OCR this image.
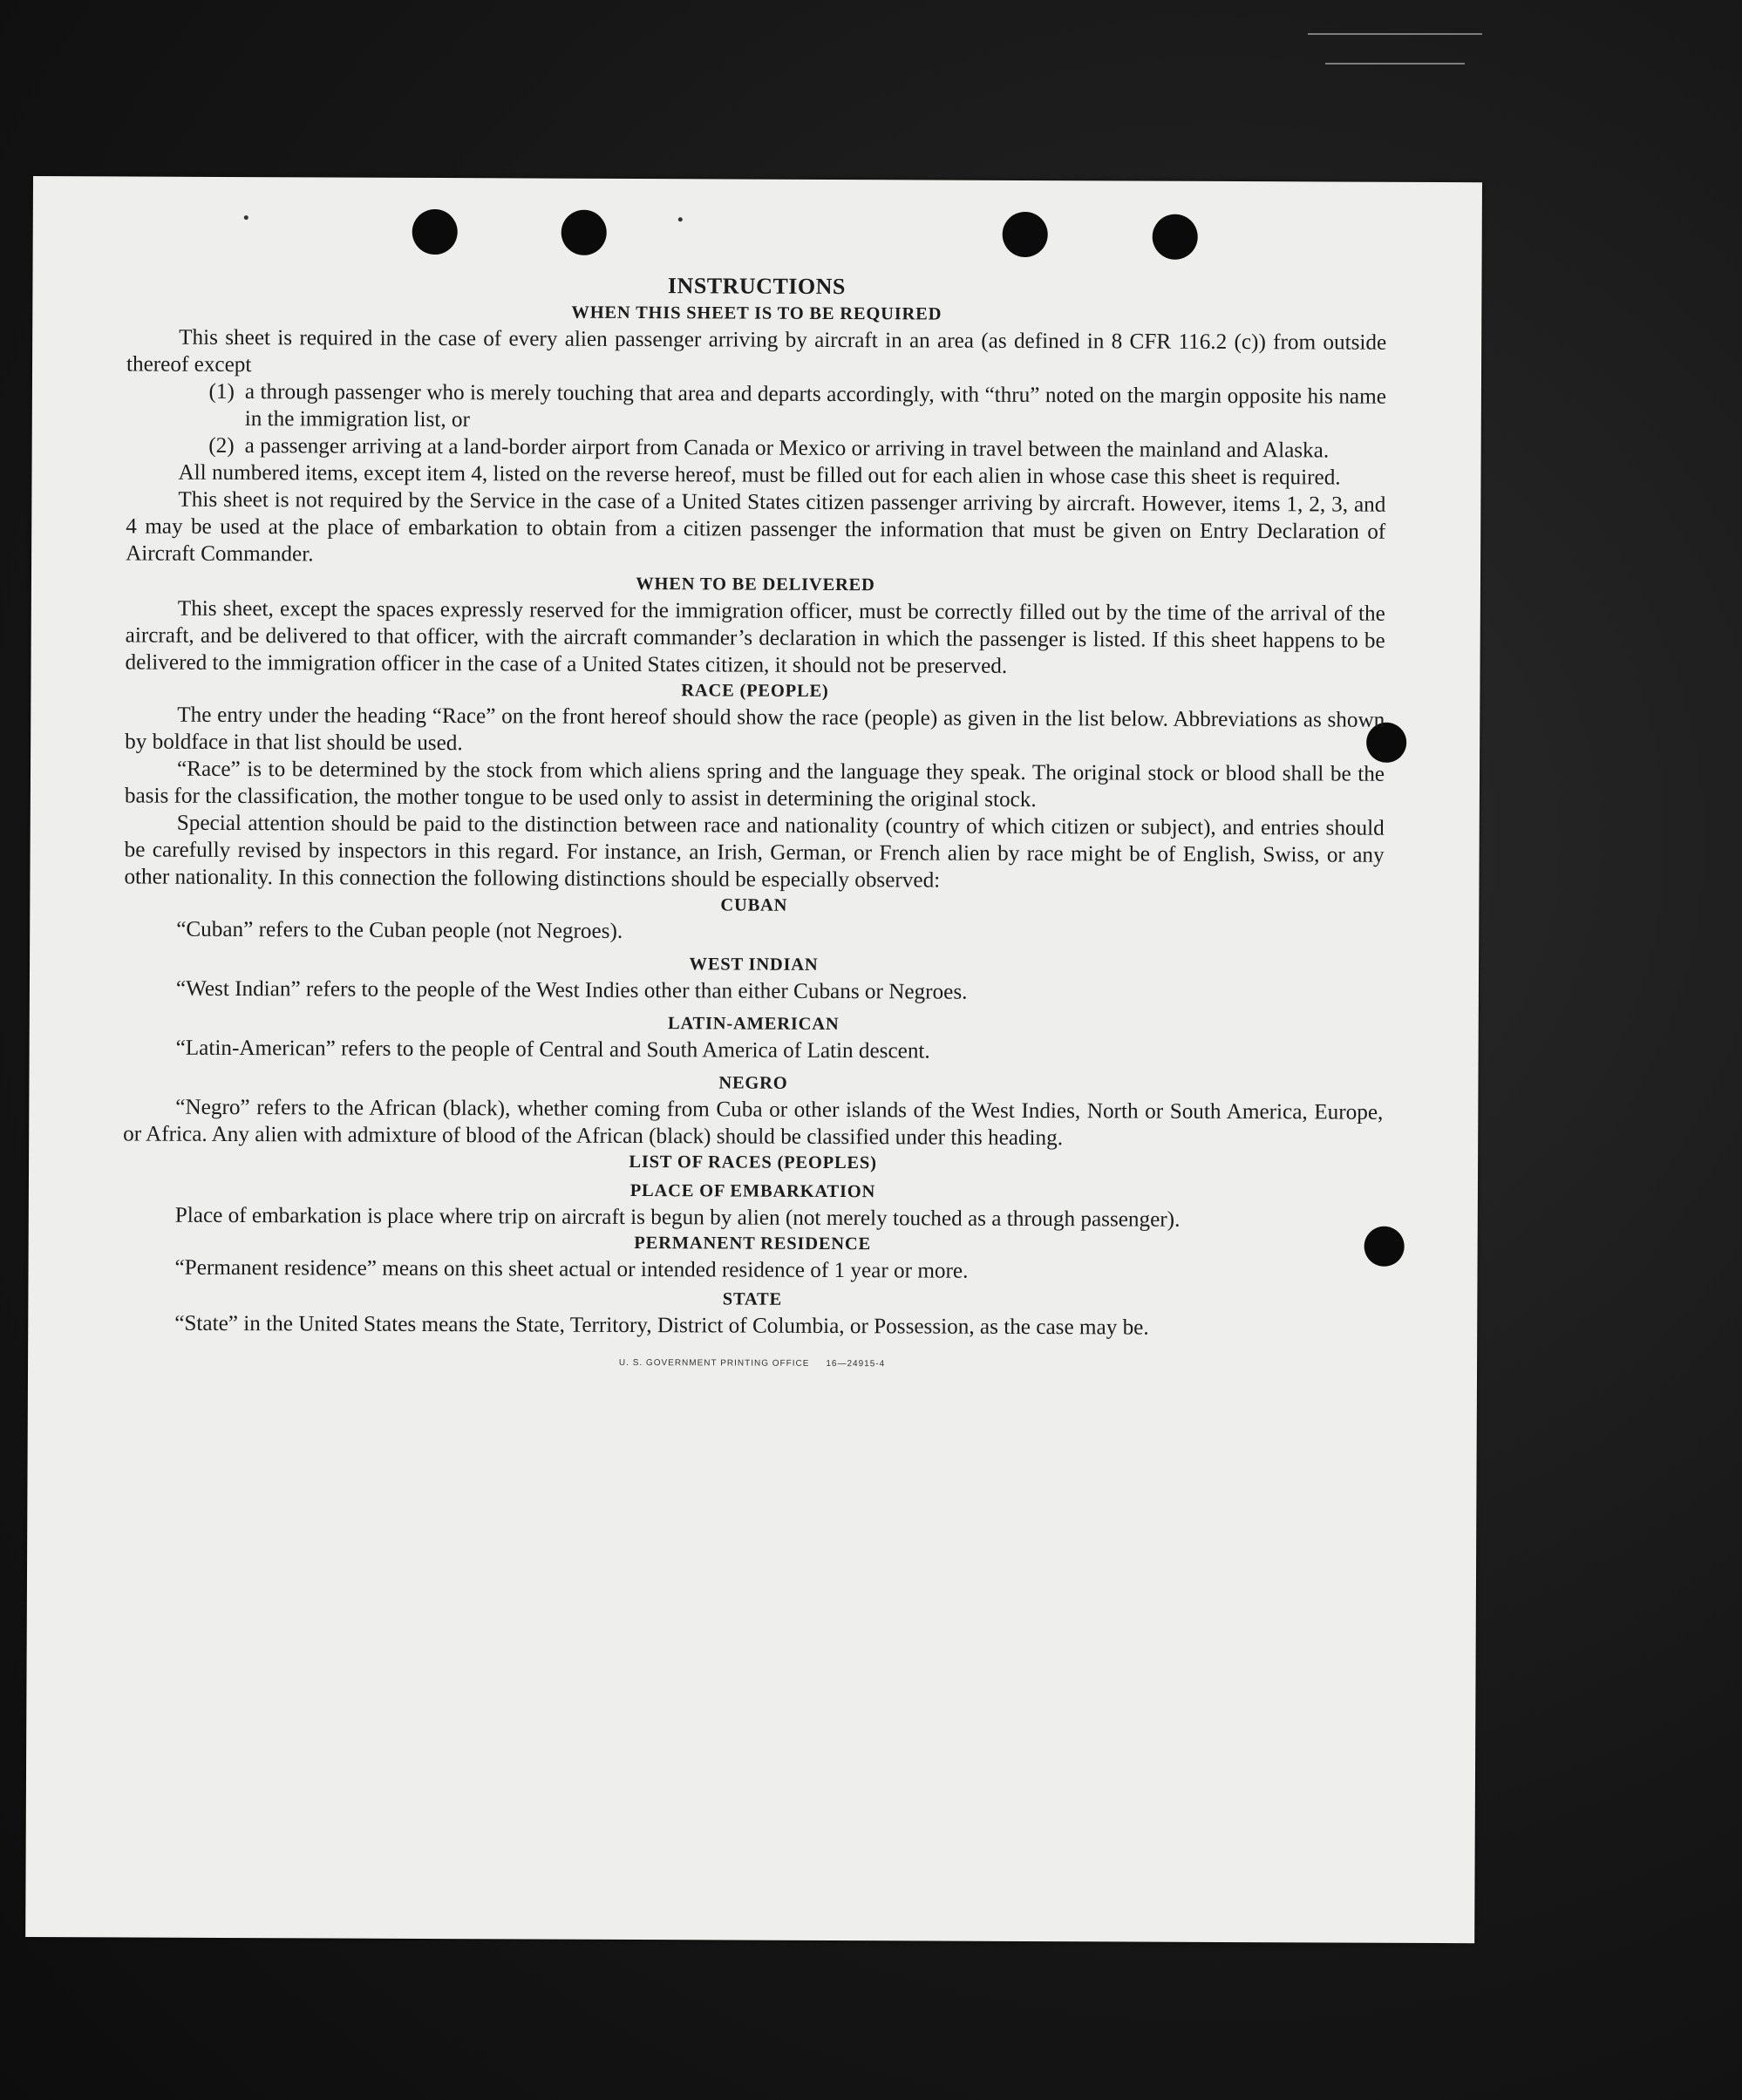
INSTRUCTIONS
WHEN THIS SHEET IS TO BE REQUIRED

This sheet is required in the case of every alien passenger arriving by aircraft in an area (as defined in 8 CFR 116.2 (c)) from outside thereof except

(1) a through passenger who is merely touching that area and departs accordingly, with “thru” noted on the margin opposite his name in the immigration list, or
(2) a passenger arriving at a land-border airport from Canada or Mexico or arriving in travel between the mainland and Alaska.

All numbered items, except item 4, listed on the reverse hereof, must be filled out for each alien in whose case this sheet is required.

This sheet is not required by the Service in the case of a United States citizen passenger arriving by aircraft. However, items 1, 2, 3, and 4 may be used at the place of embarkation to obtain from a citizen passenger the information that must be given on Entry Declaration of Aircraft Commander.

WHEN TO BE DELIVERED

This sheet, except the spaces expressly reserved for the immigration officer, must be correctly filled out by the time of the arrival of the aircraft, and be delivered to that officer, with the aircraft commander’s declaration in which the passenger is listed. If this sheet happens to be delivered to the immigration officer in the case of a United States citizen, it should not be preserved.

RACE (PEOPLE)

The entry under the heading “Race” on the front hereof should show the race (people) as given in the list below. Abbreviations as shown by boldface in that list should be used.

“Race” is to be determined by the stock from which aliens spring and the language they speak. The original stock or blood shall be the basis for the classification, the mother tongue to be used only to assist in determining the original stock.

Special attention should be paid to the distinction between race and nationality (country of which citizen or subject), and entries should be carefully revised by inspectors in this regard. For instance, an Irish, German, or French alien by race might be of English, Swiss, or any other nationality. In this connection the following distinctions should be especially observed:

CUBAN

“Cuban” refers to the Cuban people (not Negroes).

WEST INDIAN

“West Indian” refers to the people of the West Indies other than either Cubans or Negroes.

LATIN-AMERICAN

“Latin-American” refers to the people of Central and South America of Latin descent.

NEGRO

“Negro” refers to the African (black), whether coming from Cuba or other islands of the West Indies, North or South America, Europe, or Africa. Any alien with admixture of blood of the African (black) should be classified under this heading.

LIST OF RACES (PEOPLES)
PLACE OF EMBARKATION

Place of embarkation is place where trip on aircraft is begun by alien (not merely touched as a through passenger).

PERMANENT RESIDENCE

“Permanent residence” means on this sheet actual or intended residence of 1 year or more.

STATE

“State” in the United States means the State, Territory, District of Columbia, or Possession, as the case may be.

U. S. GOVERNMENT PRINTING OFFICE 16—24915-4
